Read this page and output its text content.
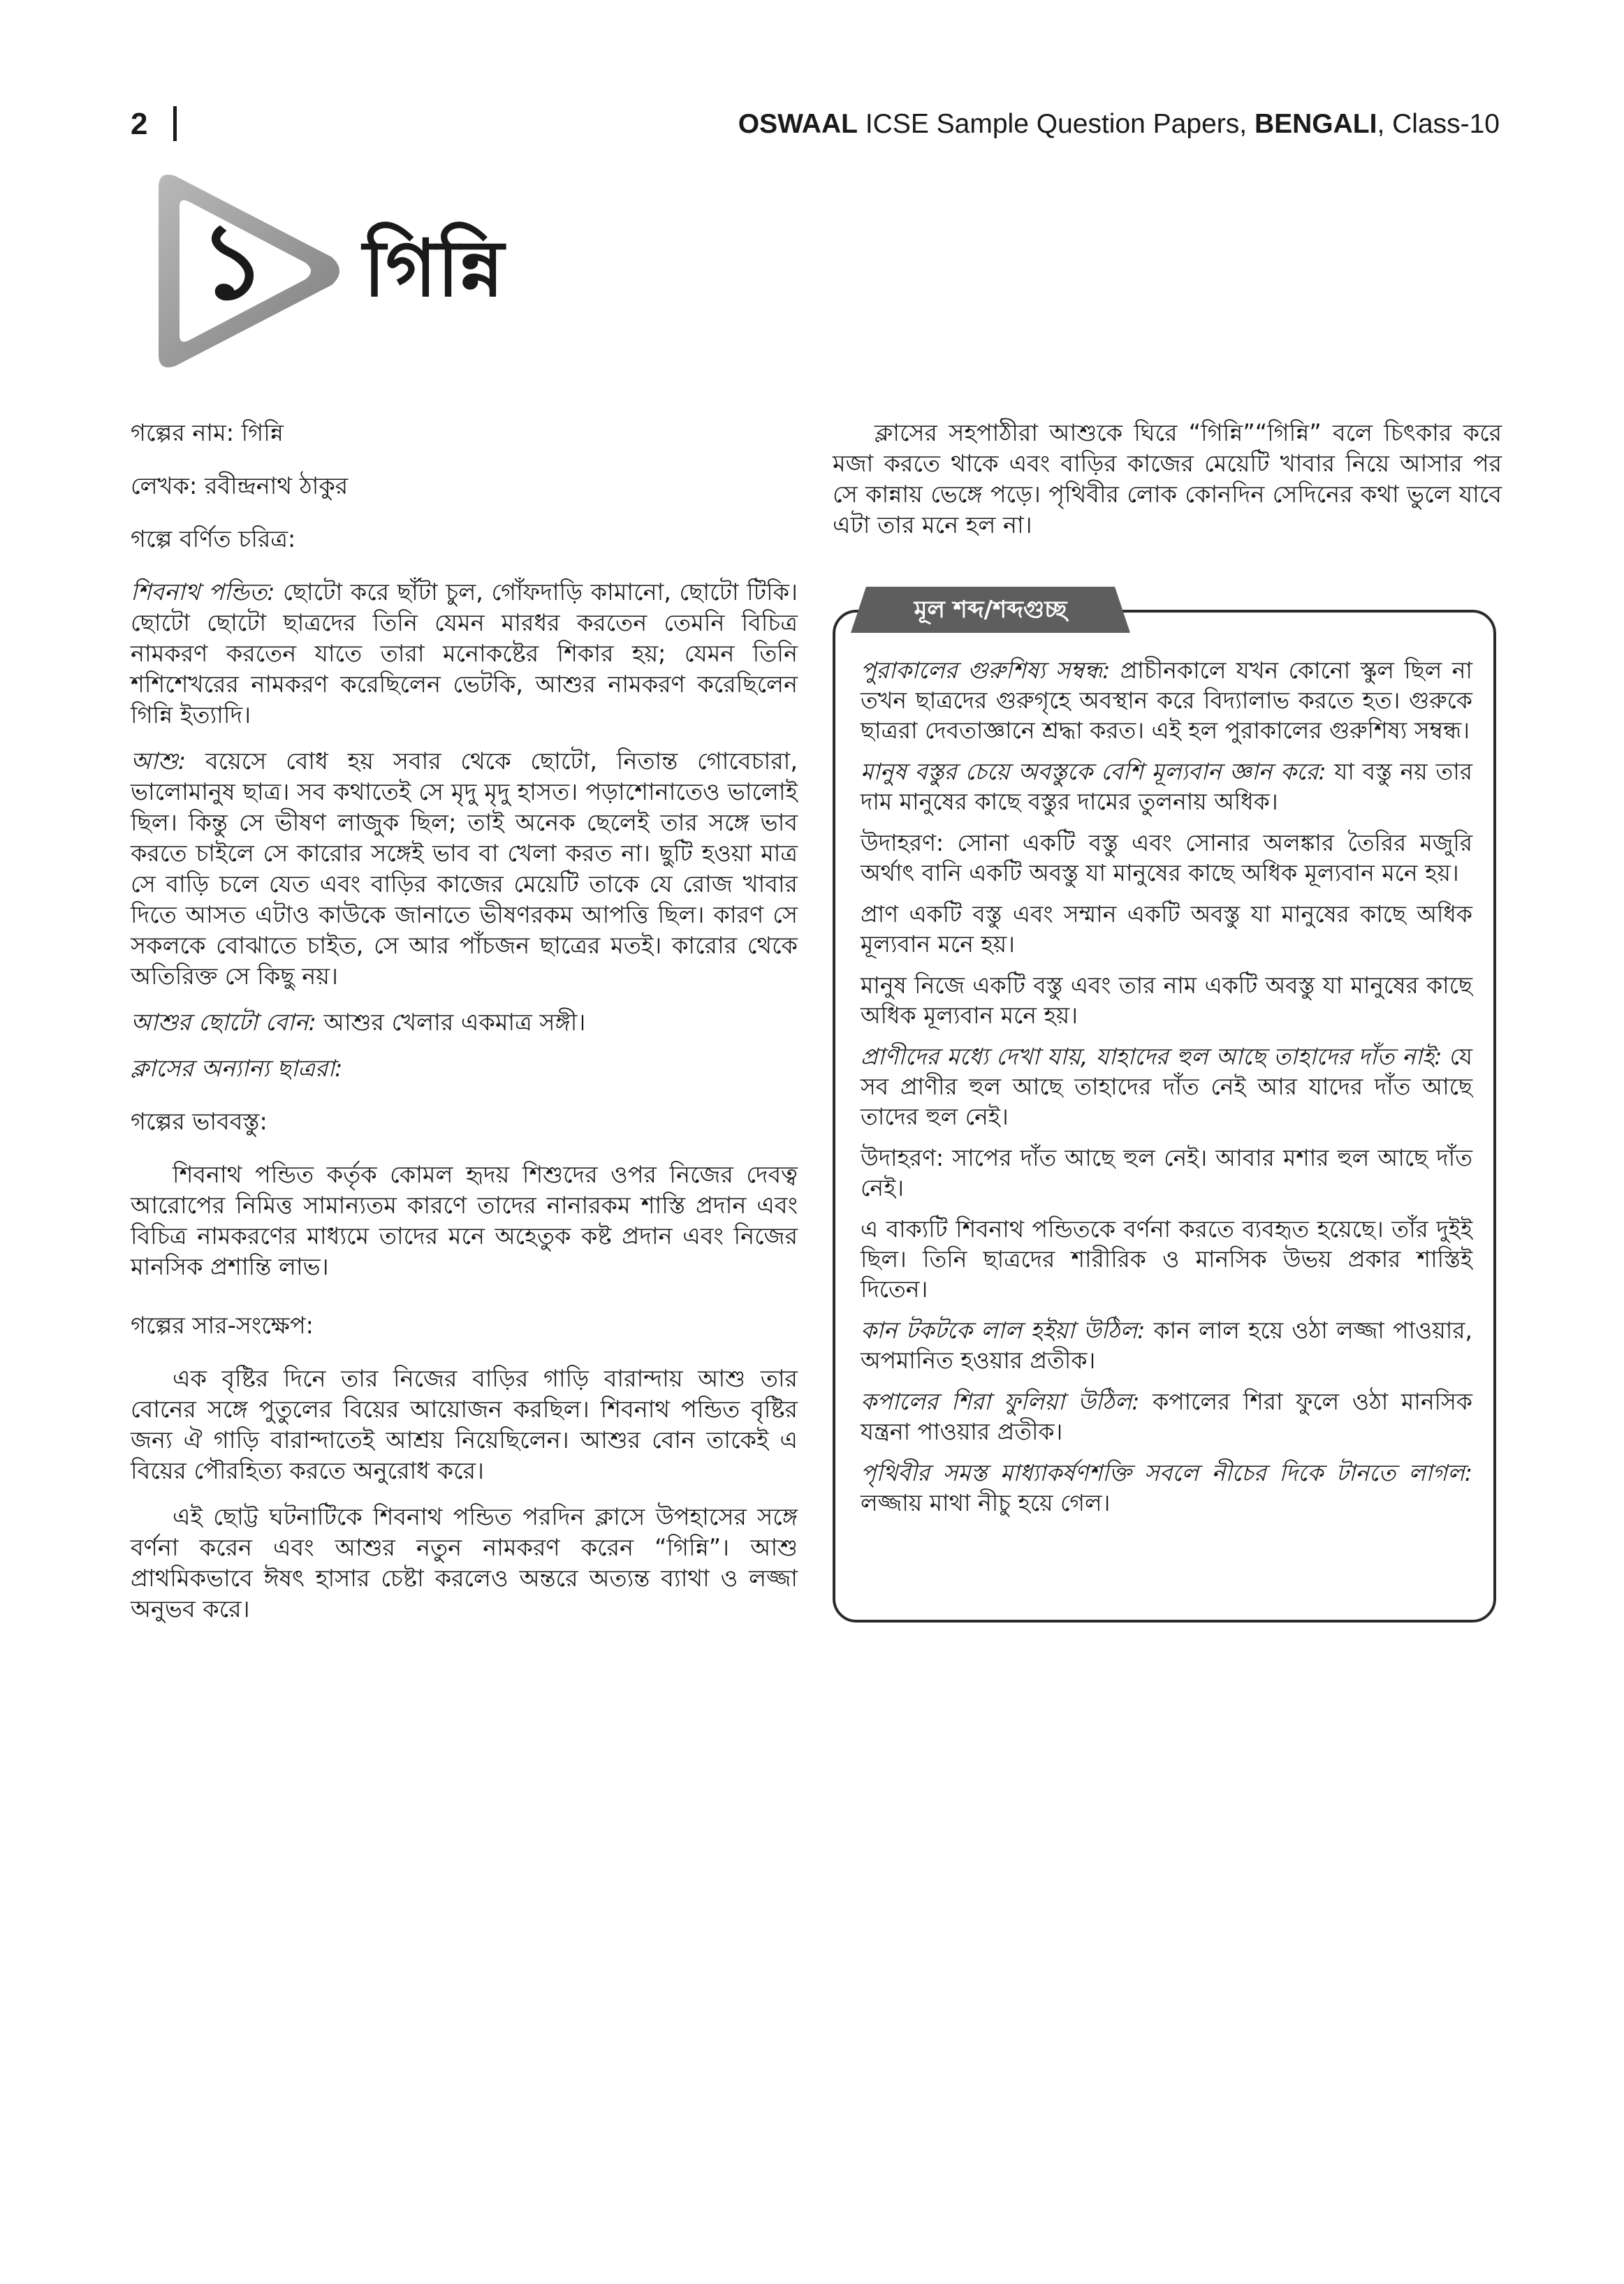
2	OSWAAL ICSE Sample Question Papers, BENGALI, Class-10
১ গিন্নি

গল্পের নাম: গিন্নি

লেখক: রবীন্দ্রনাথ ঠাকুর

গল্পে বর্ণিত চরিত্র:

শিবনাথ পন্ডিত: ছোটো করে ছাঁটা চুল, গোঁফদাড়ি কামানো, ছোটো টিকি। ছোটো ছোটো ছাত্রদের তিনি যেমন মারধর করতেন তেমনি বিচিত্র নামকরণ করতেন যাতে তারা মনোকষ্টের শিকার হয়; যেমন তিনি শশিশেখরের নামকরণ করেছিলেন ভেটকি, আশুর নামকরণ করেছিলেন গিন্নি ইত্যাদি।

আশু: বয়েসে বোধ হয় সবার থেকে ছোটো, নিতান্ত গোবেচারা, ভালোমানুষ ছাত্র। সব কথাতেই সে মৃদু মৃদু হাসত। পড়াশোনাতেও ভালোই ছিল। কিন্তু সে ভীষণ লাজুক ছিল; তাই অনেক ছেলেই তার সঙ্গে ভাব করতে চাইলে সে কারোর সঙ্গেই ভাব বা খেলা করত না। ছুটি হওয়া মাত্র সে বাড়ি চলে যেত এবং বাড়ির কাজের মেয়েটি তাকে যে রোজ খাবার দিতে আসত এটাও কাউকে জানাতে ভীষণরকম আপত্তি ছিল। কারণ সে সকলকে বোঝাতে চাইত, সে আর পাঁচজন ছাত্রের মতই। কারোর থেকে অতিরিক্ত সে কিছু নয়।

আশুর ছোটো বোন: আশুর খেলার একমাত্র সঙ্গী।

ক্লাসের অন্যান্য ছাত্ররা:

গল্পের ভাববস্তু:

শিবনাথ পন্ডিত কর্তৃক কোমল হৃদয় শিশুদের ওপর নিজের দেবত্ব আরোপের নিমিত্ত সামান্যতম কারণে তাদের নানারকম শাস্তি প্রদান এবং বিচিত্র নামকরণের মাধ্যমে তাদের মনে অহেতুক কষ্ট প্রদান এবং নিজের মানসিক প্রশান্তি লাভ।

গল্পের সার-সংক্ষেপ:

এক বৃষ্টির দিনে তার নিজের বাড়ির গাড়ি বারান্দায় আশু তার বোনের সঙ্গে পুতুলের বিয়ের আয়োজন করছিল। শিবনাথ পন্ডিত বৃষ্টির জন্য ঐ গাড়ি বারান্দাতেই আশ্রয় নিয়েছিলেন। আশুর বোন তাকেই এ বিয়ের পৌরহিত্য করতে অনুরোধ করে।

এই ছোট্ট ঘটনাটিকে শিবনাথ পন্ডিত পরদিন ক্লাসে উপহাসের সঙ্গে বর্ণনা করেন এবং আশুর নতুন নামকরণ করেন “গিন্নি”। আশু প্রাথমিকভাবে ঈষৎ হাসার চেষ্টা করলেও অন্তরে অত্যন্ত ব্যাথা ও লজ্জা অনুভব করে।

ক্লাসের সহপাঠীরা আশুকে ঘিরে “গিন্নি”“গিন্নি” বলে চিৎকার করে মজা করতে থাকে এবং বাড়ির কাজের মেয়েটি খাবার নিয়ে আসার পর সে কান্নায় ভেঙ্গে পড়ে। পৃথিবীর লোক কোনদিন সেদিনের কথা ভুলে যাবে এটা তার মনে হল না।

মূল শব্দ/শব্দগুচ্ছ

পুরাকালের গুরুশিষ্য সম্বন্ধ: প্রাচীনকালে যখন কোনো স্কুল ছিল না তখন ছাত্রদের গুরুগৃহে অবস্থান করে বিদ্যালাভ করতে হত। গুরুকে ছাত্ররা দেবতাজ্ঞানে শ্রদ্ধা করত। এই হল পুরাকালের গুরুশিষ্য সম্বন্ধ।

মানুষ বস্তুর চেয়ে অবস্তুকে বেশি মূল্যবান জ্ঞান করে: যা বস্তু নয় তার দাম মানুষের কাছে বস্তুর দামের তুলনায় অধিক।

উদাহরণ: সোনা একটি বস্তু এবং সোনার অলঙ্কার তৈরির মজুরি অর্থাৎ বানি একটি অবস্তু যা মানুষের কাছে অধিক মূল্যবান মনে হয়।

প্রাণ একটি বস্তু এবং সম্মান একটি অবস্তু যা মানুষের কাছে অধিক মূল্যবান মনে হয়।

মানুষ নিজে একটি বস্তু এবং তার নাম একটি অবস্তু যা মানুষের কাছে অধিক মূল্যবান মনে হয়।

প্রাণীদের মধ্যে দেখা যায়, যাহাদের হুল আছে তাহাদের দাঁত নাই: যে সব প্রাণীর হুল আছে তাহাদের দাঁত নেই আর যাদের দাঁত আছে তাদের হুল নেই।

উদাহরণ: সাপের দাঁত আছে হুল নেই। আবার মশার হুল আছে দাঁত নেই।

এ বাক্যটি শিবনাথ পন্ডিতকে বর্ণনা করতে ব্যবহৃত হয়েছে। তাঁর দুইই ছিল। তিনি ছাত্রদের শারীরিক ও মানসিক উভয় প্রকার শাস্তিই দিতেন।

কান টকটকে লাল হইয়া উঠিল: কান লাল হয়ে ওঠা লজ্জা পাওয়ার, অপমানিত হওয়ার প্রতীক।

কপালের শিরা ফুলিয়া উঠিল: কপালের শিরা ফুলে ওঠা মানসিক যন্ত্রনা পাওয়ার প্রতীক।

পৃথিবীর সমস্ত মাধ্যাকর্ষণশক্তি সবলে নীচের দিকে টানতে লাগল: লজ্জায় মাথা নীচু হয়ে গেল।
